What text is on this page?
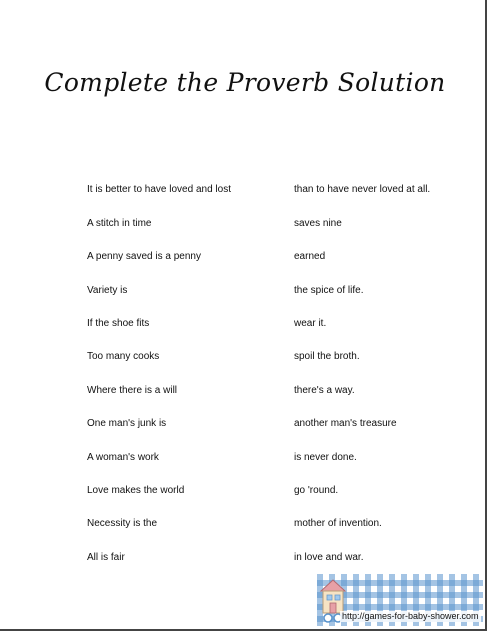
Complete the Proverb Solution
It is better to have loved and lost	than to have never loved at all.
A stitch in time	saves nine
A penny saved is a penny	earned
Variety is	the spice of life.
If the shoe fits	wear it.
Too many cooks	spoil the broth.
Where there is a will	there's a way.
One man's junk is	another man's treasure
A woman's work	is never done.
Love makes the world	go 'round.
Necessity is the	mother of invention.
All is fair	in love and war.
http://games-for-baby-shower.com
